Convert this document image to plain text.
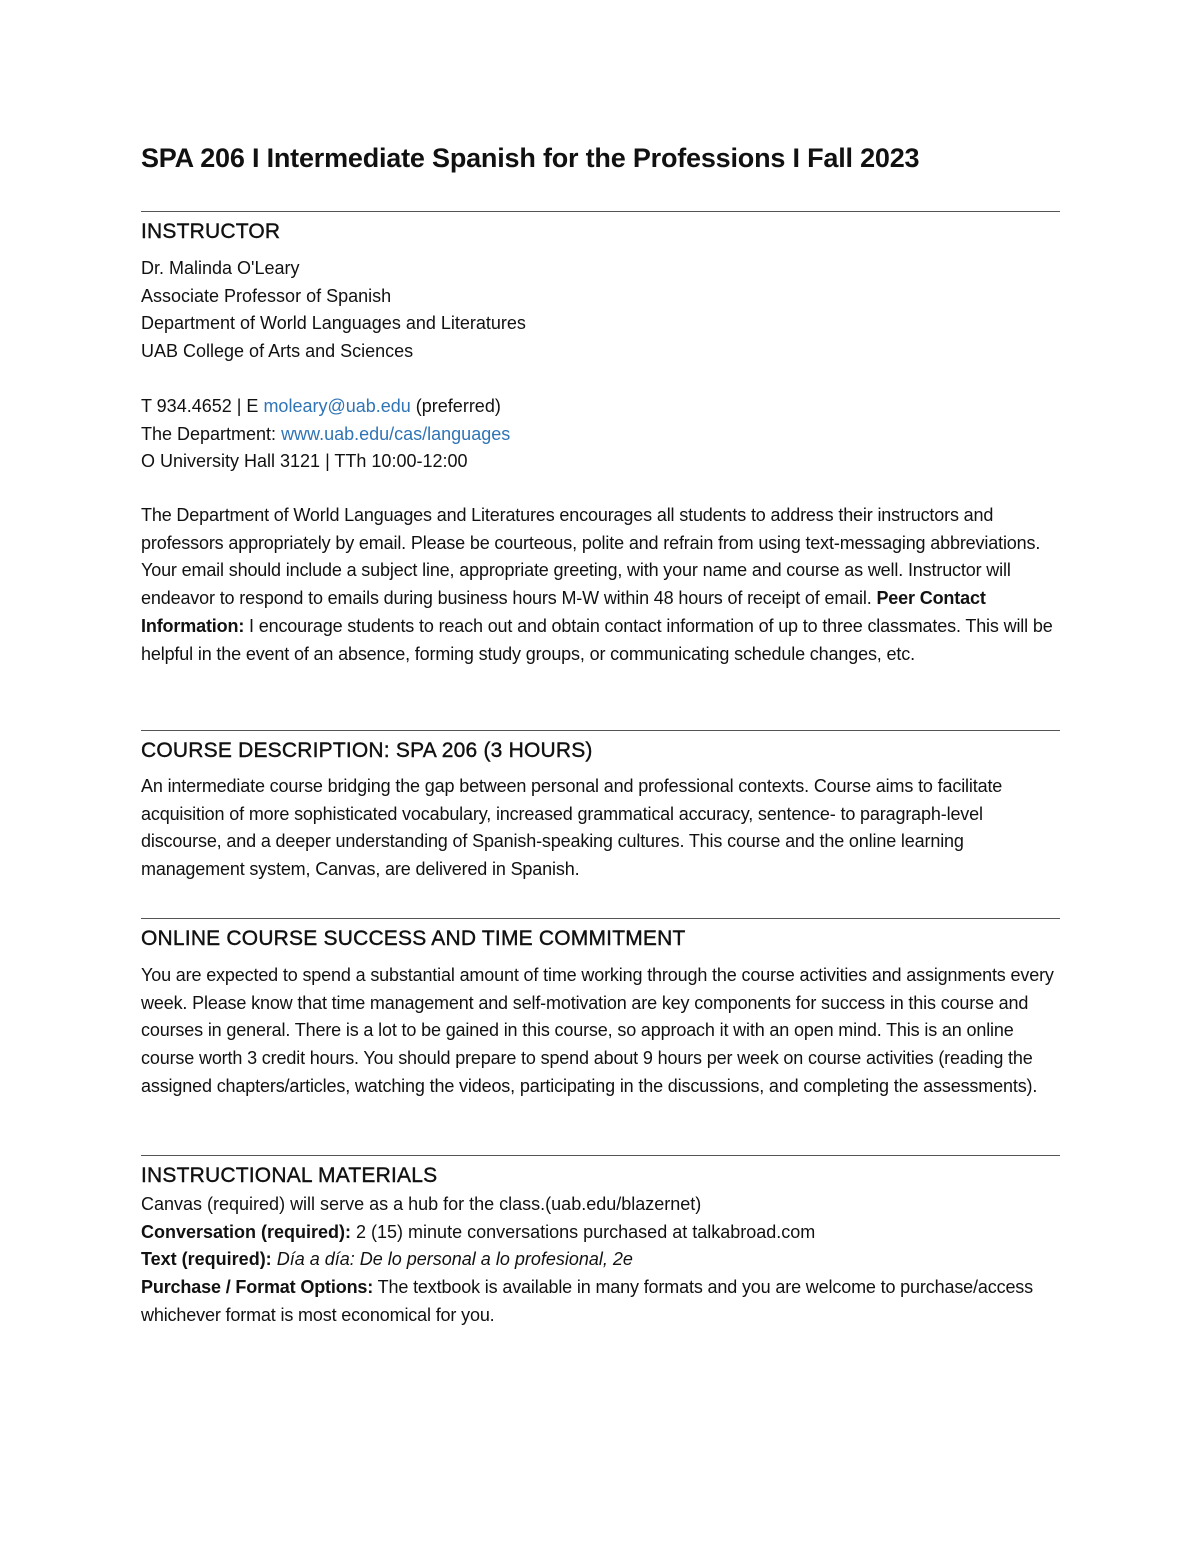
SPA 206 I Intermediate Spanish for the Professions I Fall 2023
INSTRUCTOR
Dr. Malinda O'Leary
Associate Professor of Spanish
Department of World Languages and Literatures
UAB College of Arts and Sciences
T 934.4652 | E moleary@uab.edu (preferred)
The Department: www.uab.edu/cas/languages
O University Hall 3121 | TTh 10:00-12:00

The Department of World Languages and Literatures encourages all students to address their instructors and professors appropriately by email. Please be courteous, polite and refrain from using text-messaging abbreviations. Your email should include a subject line, appropriate greeting, with your name and course as well. Instructor will endeavor to respond to emails during business hours M-W within 48 hours of receipt of email. Peer Contact Information: I encourage students to reach out and obtain contact information of up to three classmates. This will be helpful in the event of an absence, forming study groups, or communicating schedule changes, etc.

COURSE DESCRIPTION: SPA 206 (3 HOURS)

An intermediate course bridging the gap between personal and professional contexts. Course aims to facilitate acquisition of more sophisticated vocabulary, increased grammatical accuracy, sentence- to paragraph-level discourse, and a deeper understanding of Spanish-speaking cultures. This course and the online learning management system, Canvas, are delivered in Spanish.

ONLINE COURSE SUCCESS AND TIME COMMITMENT

You are expected to spend a substantial amount of time working through the course activities and assignments every week. Please know that time management and self-motivation are key components for success in this course and courses in general. There is a lot to be gained in this course, so approach it with an open mind. This is an online course worth 3 credit hours. You should prepare to spend about 9 hours per week on course activities (reading the assigned chapters/articles, watching the videos, participating in the discussions, and completing the assessments).

INSTRUCTIONAL MATERIALS
Canvas (required) will serve as a hub for the class.(uab.edu/blazernet)
Conversation (required): 2 (15) minute conversations purchased at talkabroad.com
Text (required): Día a día: De lo personal a lo profesional, 2e

Purchase / Format Options: The textbook is available in many formats and you are welcome to purchase/access whichever format is most economical for you.
